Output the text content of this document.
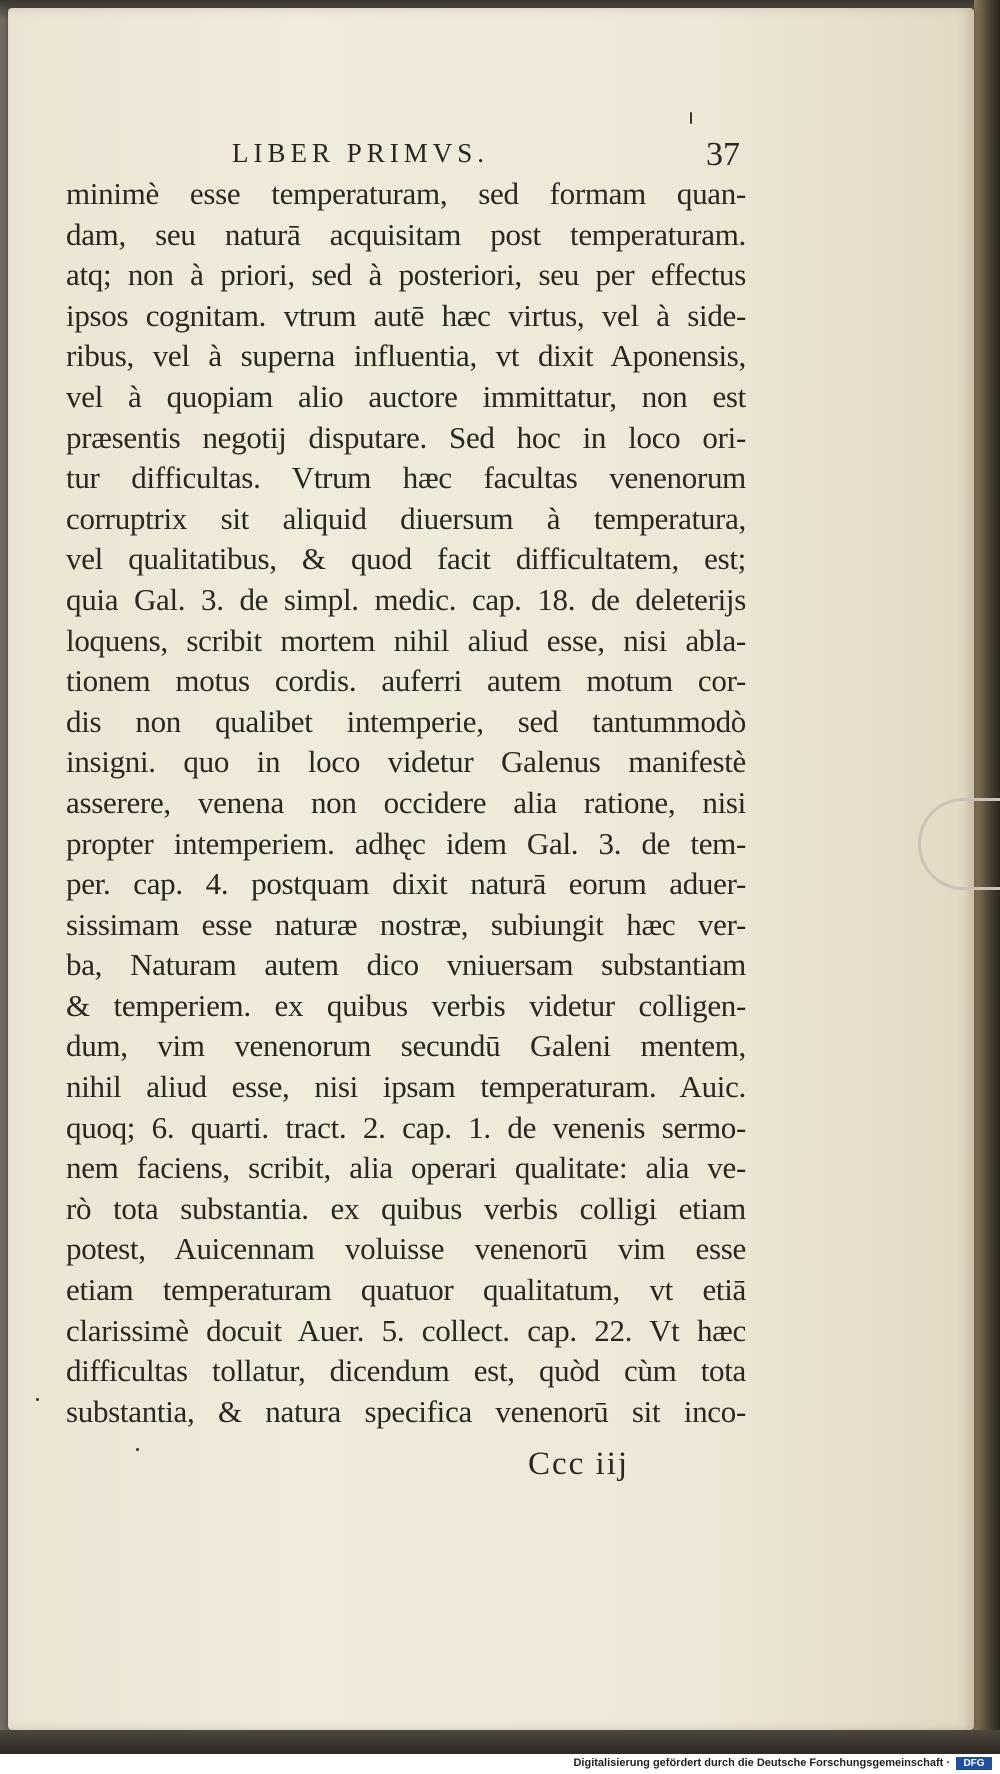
LIBER PRIMVS.	37
minimè esse temperaturam, sed formam quan-
dam, seu naturā acquisitam post temperaturam.
atq; non à priori, sed à posteriori, seu per effectus
ipsos cognitam. vtrum autē hæc virtus, vel à side-
ribus, vel à superna influentia, vt dixit Aponensis,
vel à quopiam alio auctore immittatur, non est
præsentis negotij disputare. Sed hoc in loco ori-
tur difficultas. Vtrum hæc facultas venenorum
corruptrix sit aliquid diuersum à temperatura,
vel qualitatibus, & quod facit difficultatem, est;
quia Gal. 3. de simpl. medic. cap. 18. de deleterijs
loquens, scribit mortem nihil aliud esse, nisi abla-
tionem motus cordis. auferri autem motum cor-
dis non qualibet intemperie, sed tantummodò
insigni. quo in loco videtur Galenus manifestè
asserere, venena non occidere alia ratione, nisi
propter intemperiem. adhęc idem Gal. 3. de tem-
per. cap. 4. postquam dixit naturā eorum aduer-
sissimam esse naturæ nostræ, subiungit hæc ver-
ba, Naturam autem dico vniuersam substantiam
& temperiem. ex quibus verbis videtur colligen-
dum, vim venenorum secundū Galeni mentem,
nihil aliud esse, nisi ipsam temperaturam. Auic.
quoq; 6. quarti. tract. 2. cap. 1. de venenis sermo-
nem faciens, scribit, alia operari qualitate: alia ve-
rò tota substantia. ex quibus verbis colligi etiam
potest, Auicennam voluisse venenorū vim esse
etiam temperaturam quatuor qualitatum, vt etiā
clarissimè docuit Auer. 5. collect. cap. 22. Vt hæc
difficultas tollatur, dicendum est, quòd cùm tota
substantia, & natura specifica venenorū sit inco-
Ccc iij
Digitalisierung gefördert durch die Deutsche Forschungsgemeinschaft ·	DFG
